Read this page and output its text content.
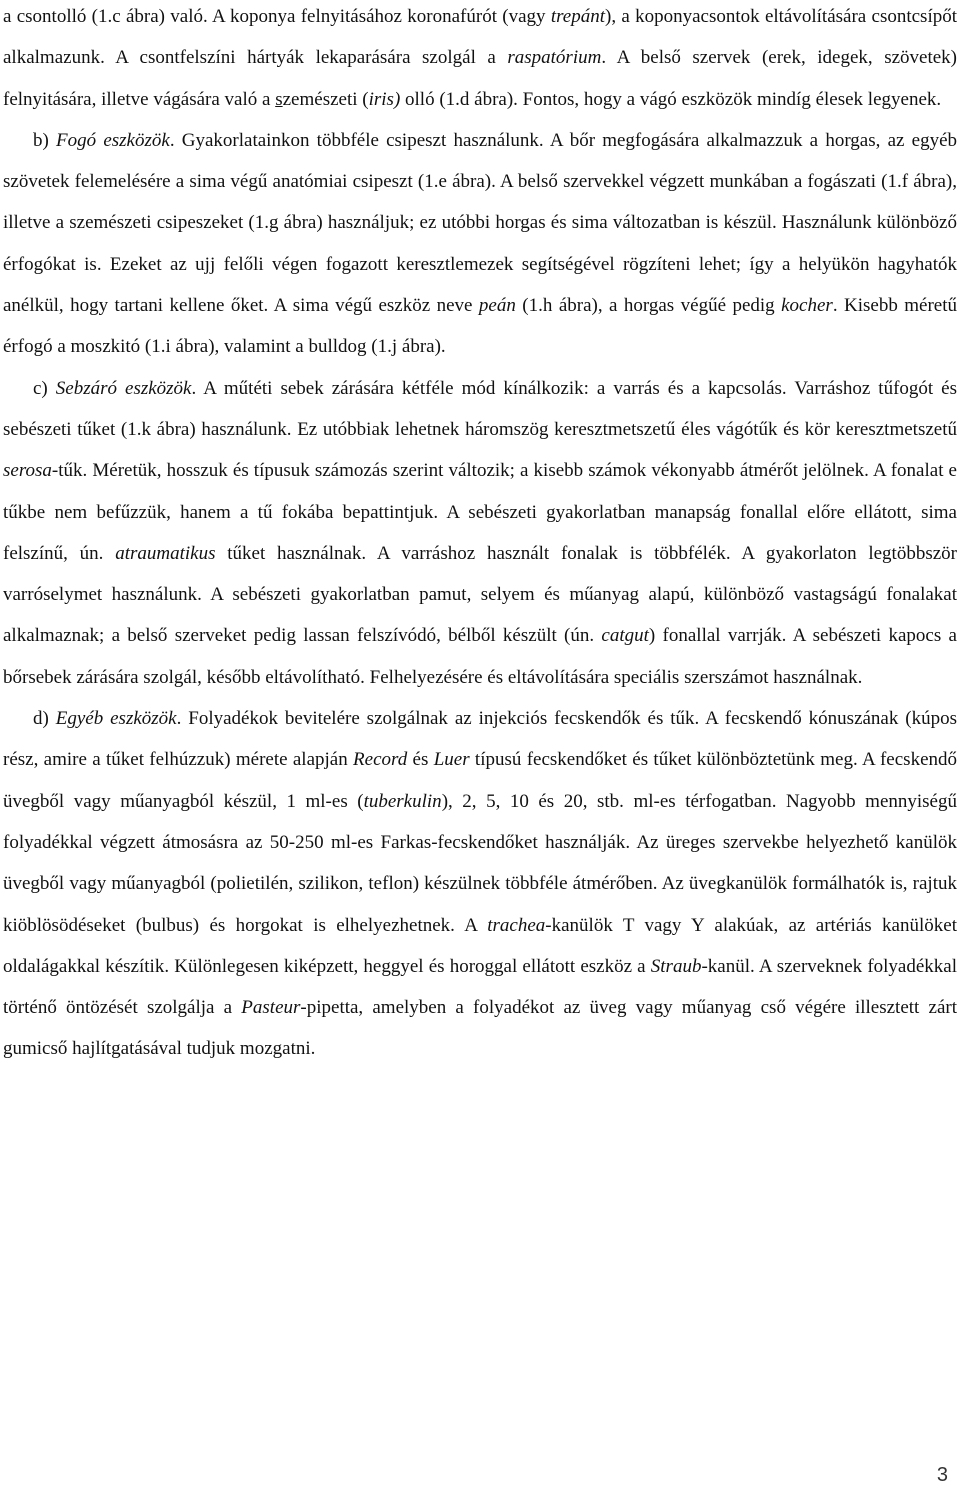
a csontolló (1.c ábra) való. A koponya felnyitásához koronafúrót (vagy trepánt), a koponyacsontok eltávolítására csontcsípőt alkalmazunk. A csontfelszíni hártyák lekaparására szolgál a raspatórium. A belső szervek (erek, idegek, szövetek) felnyitására, illetve vágására való a szemészeti (iris) olló (1.d ábra). Fontos, hogy a vágó eszközök mindíg élesek legyenek.

b) Fogó eszközök. Gyakorlatainkon többféle csipeszt használunk. A bőr megfogására alkalmazzuk a horgas, az egyéb szövetek felemelésére a sima végű anatómiai csipeszt (1.e ábra). A belső szervekkel végzett munkában a fogászati (1.f ábra), illetve a szemészeti csipeszeket (1.g ábra) használjuk; ez utóbbi horgas és sima változatban is készül. Használunk különböző érfogókat is. Ezeket az ujj felőli végen fogazott keresztlemezek segítségével rögzíteni lehet; így a helyükön hagyhatók anélkül, hogy tartani kellene őket. A sima végű eszköz neve peán (1.h ábra), a horgas végűé pedig kocher. Kisebb méretű érfogó a moszkitó (1.i ábra), valamint a bulldog (1.j ábra).

c) Sebzáró eszközök. A műtéti sebek zárására kétféle mód kínálkozik: a varrás és a kapcsolás. Varráshoz tűfogót és sebészeti tűket (1.k ábra) használunk. Ez utóbbiak lehetnek háromszög keresztmetszetű éles vágótűk és kör keresztmetszetű serosa-tűk. Méretük, hosszuk és típusuk számozás szerint változik; a kisebb számok vékonyabb átmérőt jelölnek. A fonalat e tűkbe nem befűzzük, hanem a tű fokába bepattintjuk. A sebészeti gyakorlatban manapság fonallal előre ellátott, sima felszínű, ún. atraumatikus tűket használnak. A varráshoz használt fonalak is többfélék. A gyakorlaton legtöbbször varróselymet használunk. A sebészeti gyakorlatban pamut, selyem és műanyag alapú, különböző vastagságú fonalakat alkalmaznak; a belső szerveket pedig lassan felszívódó, bélből készült (ún. catgut) fonallal varrják. A sebészeti kapocs a bőrsebek zárására szolgál, később eltávolítható. Felhelyezésére és eltávolítására speciális szerszámot használnak.

d) Egyéb eszközök. Folyadékok bevitelére szolgálnak az injekciós fecskendők és tűk. A fecskendő kónuszának (kúpos rész, amire a tűket felhúzzuk) mérete alapján Record és Luer típusú fecskendőket és tűket különböztetünk meg. A fecskendő üvegből vagy műanyagból készül, 1 ml-es (tuberkulin), 2, 5, 10 és 20, stb. ml-es térfogatban. Nagyobb mennyiségű folyadékkal végzett átmosásra az 50-250 ml-es Farkas-fecskendőket használják. Az üreges szervekbe helyezhető kanülök üvegből vagy műanyagból (polietilén, szilikon, teflon) készülnek többféle átmérőben. Az üvegkanülök formálhatók is, rajtuk kiöblösödéseket (bulbus) és horgokat is elhelyezhetnek. A trachea-kanülök T vagy Y alakúak, az artériás kanülöket oldalágakkal készítik. Különlegesen kiképzett, heggyel és horoggal ellátott eszköz a Straub-kanül. A szerveknek folyadékkal történő öntözését szolgálja a Pasteur-pipetta, amelyben a folyadékot az üveg vagy műanyag cső végére illesztett zárt gumicső hajlítgatásával tudjuk mozgatni.

3
